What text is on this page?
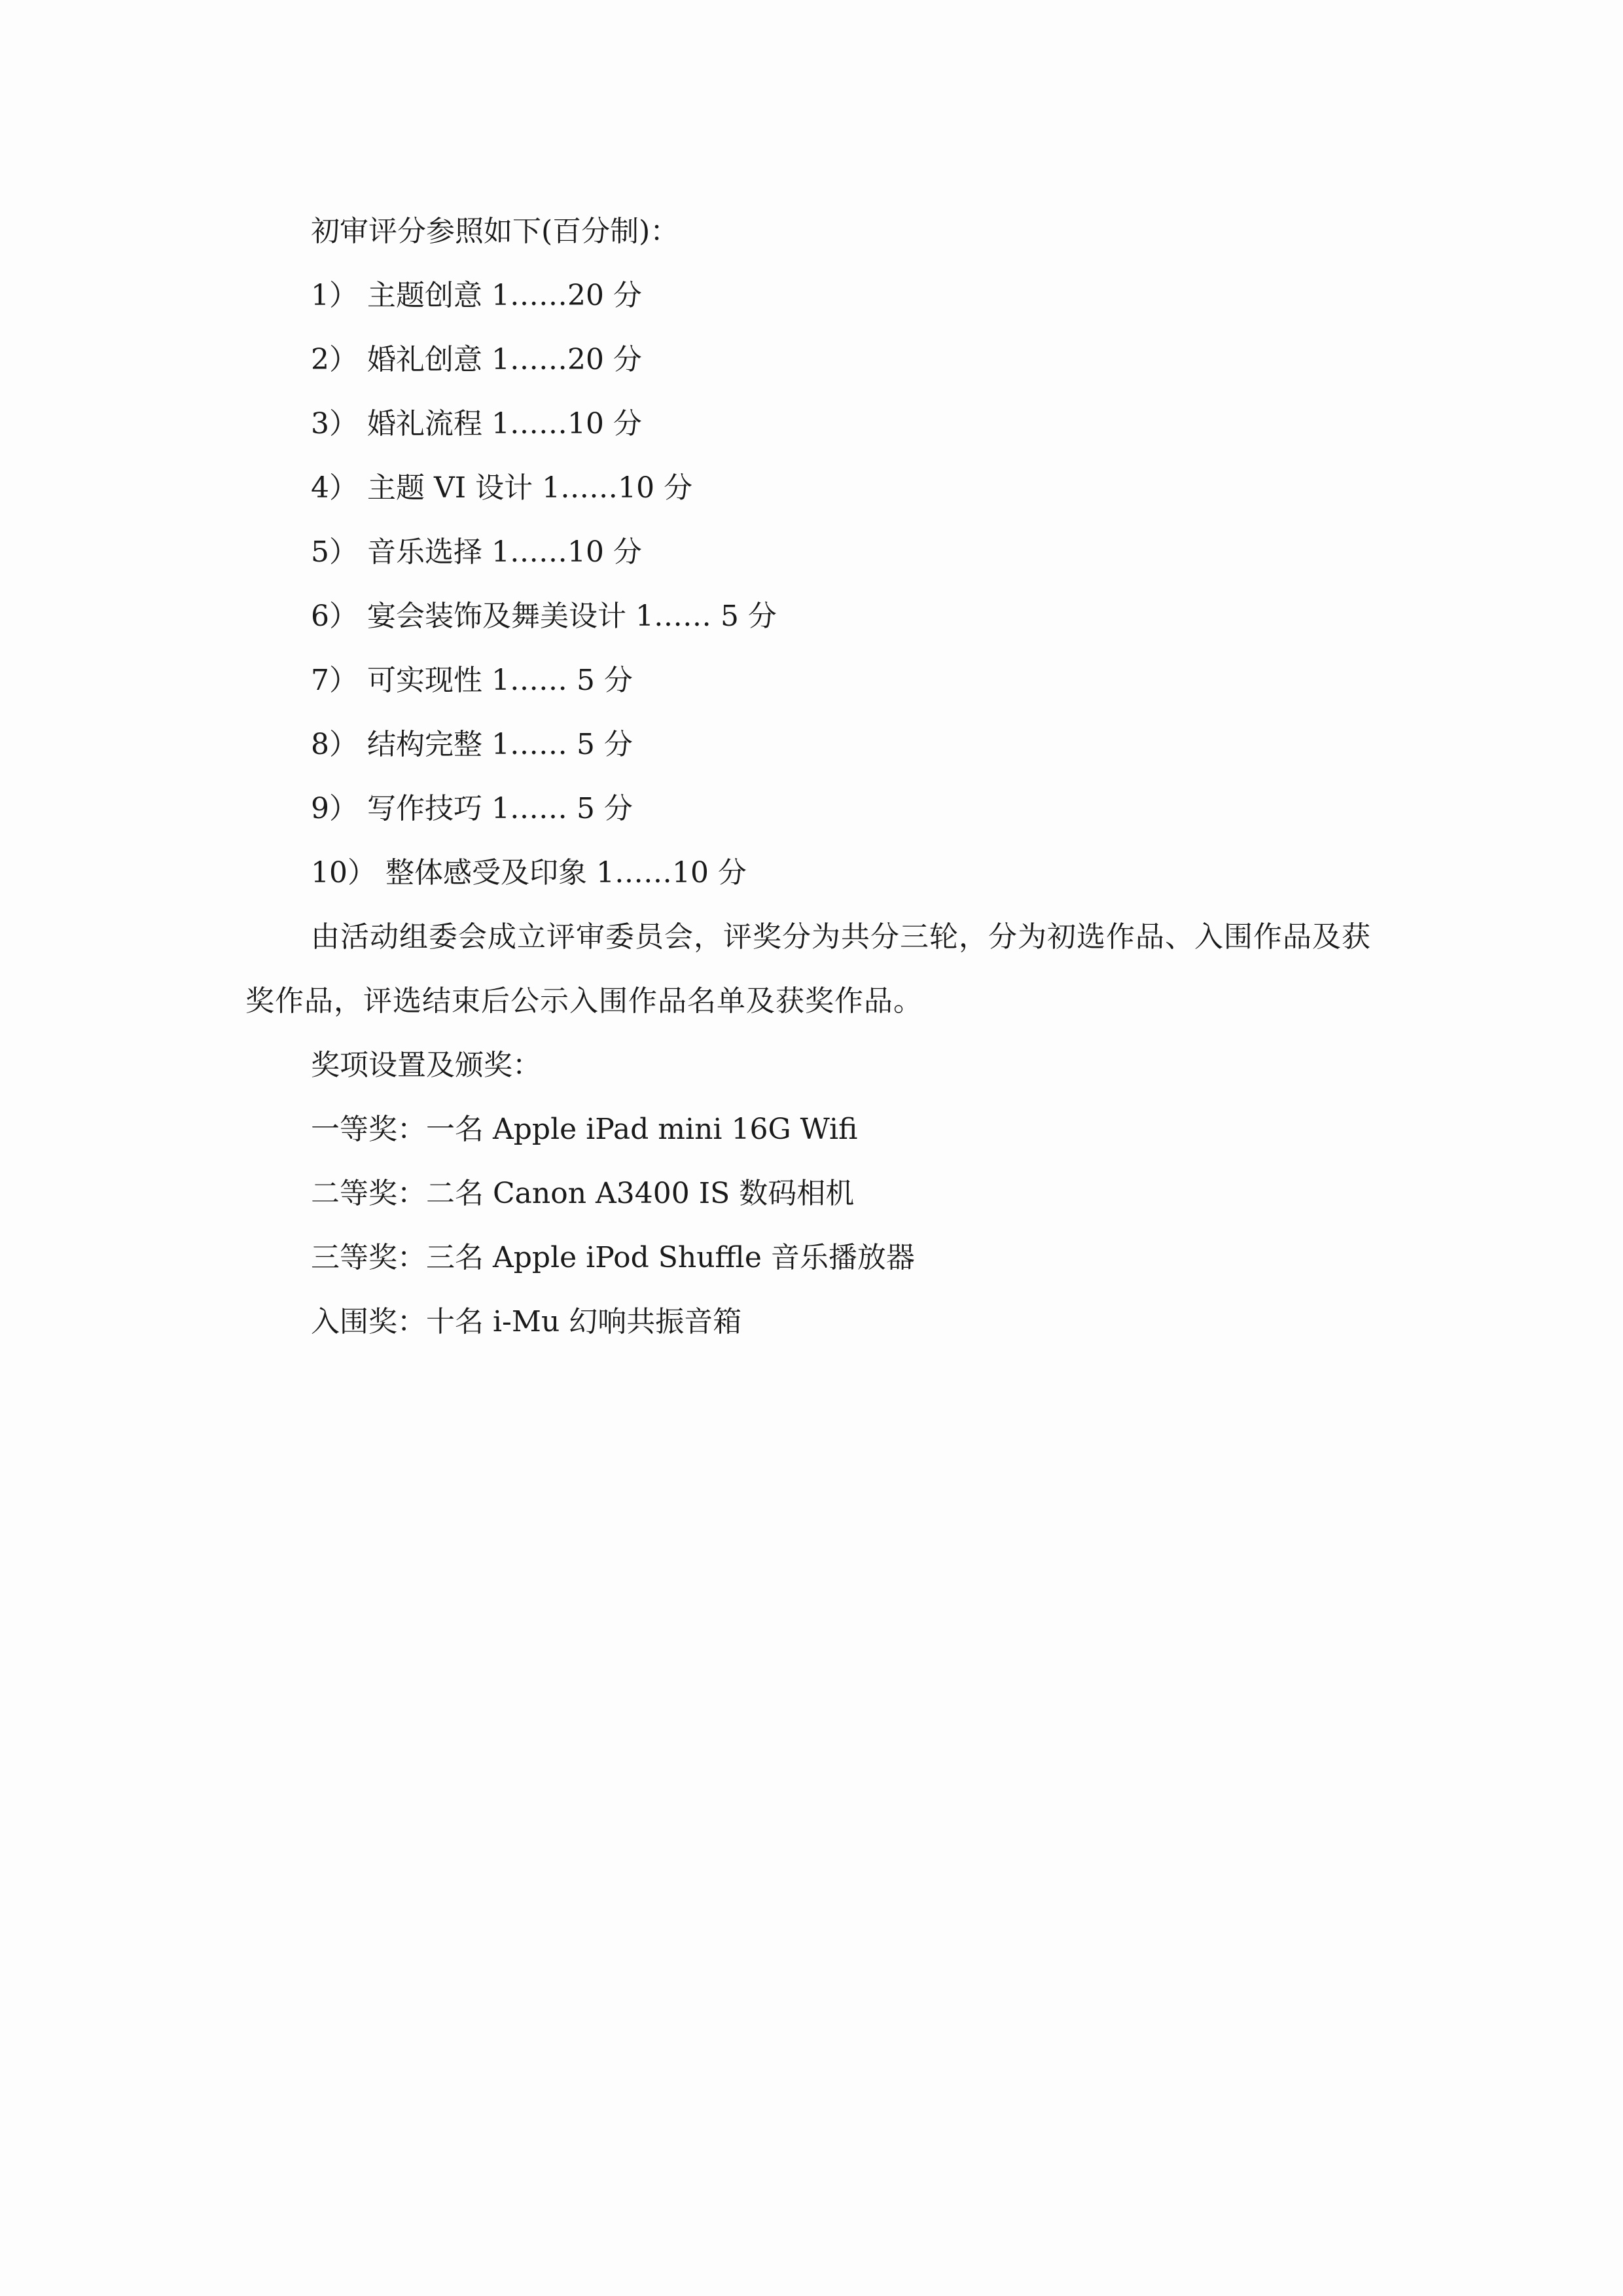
初审评分参照如下(百分制)：
1） 主题创意 1……20 分
2） 婚礼创意 1……20 分
3） 婚礼流程 1……10 分
4） 主题 VI 设计 1……10 分
5） 音乐选择 1……10 分
6） 宴会装饰及舞美设计 1…… 5 分
7） 可实现性 1…… 5 分
8） 结构完整 1…… 5 分
9） 写作技巧 1…… 5 分
10） 整体感受及印象 1……10 分
由活动组委会成立评审委员会，评奖分为共分三轮，分为初选作品、入围作品及获奖作品，评选结束后公示入围作品名单及获奖作品。
奖项设置及颁奖：
一等奖：一名 Apple iPad mini 16G Wifi
二等奖：二名 Canon A3400 IS 数码相机
三等奖：三名 Apple iPod Shuffle 音乐播放器
入围奖：十名 i-Mu 幻响共振音箱
